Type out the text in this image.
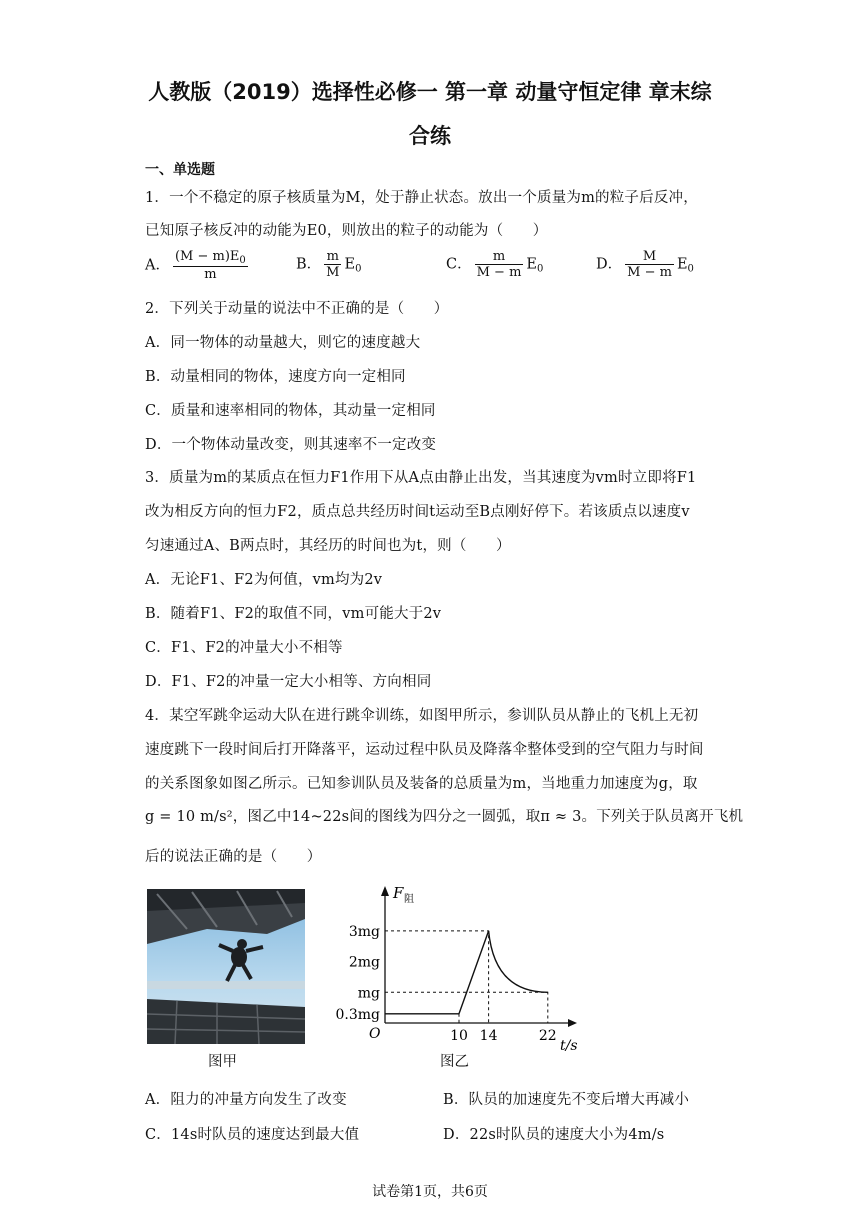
人教版（2019）选择性必修一 第一章 动量守恒定律 章末综
合练
一、单选题
1．一个不稳定的原子核质量为M，处于静止状态。放出一个质量为m的粒子后反冲，
已知原子核反冲的动能为E0，则放出的粒子的动能为（　　）
A． $\frac{(M - m)E_0}{m}$	B． $\frac{m}{M} E_0$	C． $\frac{m}{M - m} E_0$	D． $\frac{M}{M - m} E_0$
2．下列关于动量的说法中不正确的是（　　）
A．同一物体的动量越大，则它的速度越大
B．动量相同的物体，速度方向一定相同
C．质量和速率相同的物体，其动量一定相同
D．一个物体动量改变，则其速率不一定改变
3．质量为m的某质点在恒力F1作用下从A点由静止出发，当其速度为vm时立即将F1
改为相反方向的恒力F2，质点总共经历时间t运动至B点刚好停下。若该质点以速度v
匀速通过A、B两点时，其经历的时间也为t，则（　　）
A．无论F1、F2为何值，vm均为2v
B．随着F1、F2的取值不同，vm可能大于2v
C．F1、F2的冲量大小不相等
D．F1、F2的冲量一定大小相等、方向相同
4．某空军跳伞运动大队在进行跳伞训练，如图甲所示，参训队员从静止的飞机上无初
速度跳下一段时间后打开降落平，运动过程中队员及降落伞整体受到的空气阻力与时间
的关系图象如图乙所示。已知参训队员及装备的总质量为m，当地重力加速度为g，取
g = 10 m/s²，图乙中14~22s间的图线为四分之一圆弧，取π ≈ 3。下列关于队员离开飞机
后的说法正确的是（　　）
图甲
F 阻
t/s
O
0.3mg
mg
2mg
3mg
10 14	22
图乙
A．阻力的冲量方向发生了改变	B．队员的加速度先不变后增大再减小
C．14s时队员的速度达到最大值	D．22s时队员的速度大小为4m/s
试卷第1页，共6页
